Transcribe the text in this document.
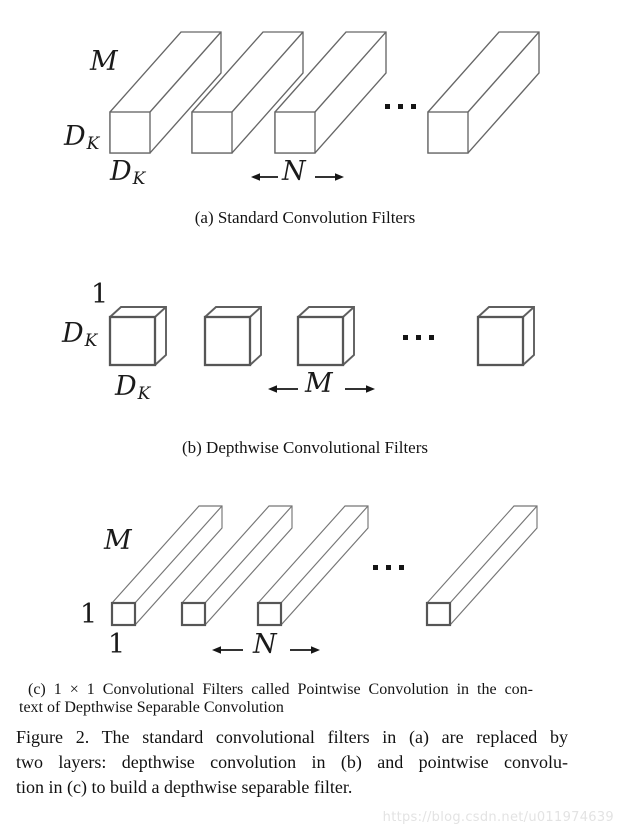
M
$D_K$
$D_K$	N
1
$D_K$
$D_K$	M
M
1
1	N
(a) Standard Convolution Filters
(b) Depthwise Convolutional Filters
(c) 1 × 1 Convolutional Filters called Pointwise Convolution in the con-
text of Depthwise Separable Convolution
Figure 2. The standard convolutional filters in (a) are replaced by
two layers: depthwise convolution in (b) and pointwise convolu-
tion in (c) to build a depthwise separable filter.
https://blog.csdn.net/u011974639
